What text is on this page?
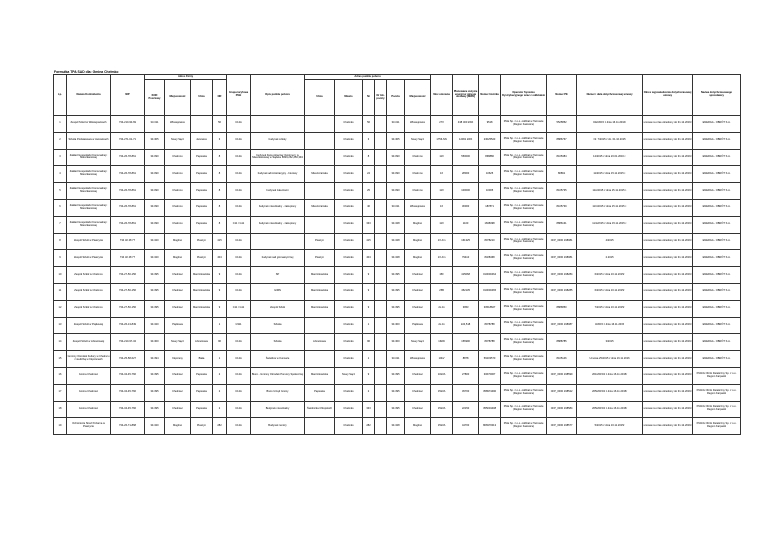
Formułka TPA SAD dla: Gmina Chełmko
Lp.	Nazwa Kontrahenta	NIP	Adres Firmy				Grupa taryfowa PGE	Opis punktu poboru	Adres punktu poboru						Moc umowna	Planowane zużycie energii w okresie dostawy [MWh]	Numer licznika	Operator Systemu Dystrybucyjnego wraz z oddziałem	Numer PE	Numer i data dotychczasowej umowy	Okres wypowiedzenia dotychczasowej umowy	Nazwa dotychczasowego sprzedawcy
			KOD Pocztowy	Miejscowość	Ulica	NR			Ulica	Miasto	Nr	Nr lok. poczty	Poczta	Miejscowość								
1	Zespół Szkół w Włosiejowicach	734-210-90-69	33-311	Włosiejowice		56	C12A			Chełmko	56		33-311	Włosiejowice	27X	438 460 kWh	9518	PGE Sp. z o.o. oddział w Tarnowie (Region Katowice)	5525852	022/2015 z dnia 16.11.2016r	umowa na czas określony do 31.12.2016r	ENERGA - OBRÓT S.A.
2	Szkoła Podstawowa w Janowicach	734-271-61-71	33-305	Nowy Sącz	Janowice	3	C12A	budynek szkoły		Chełmko	3		33-305	Nowy Sącz	1756-NN	12061 kWh	23025523	PGE Sp. z o.o. oddział w Tarnowie (Region Katowice)	8886767	Nr. 7/2015 z dn. 01.10.2015	umowa na czas określony do 31.12.2016r	ENERGA - OBRÓT S.A.
3	Zakład Gospodarki Komunalnej i Mieszkaniowej	734-26-78-861	33-090	Chełmno	Papieska	8	C12A	budynek biura płowców (Gminne) i w Mieszkaniowej w Sądeku 8629,262,250,394		Chełmko	8		33-090	Chełmno	11X	550000	868880	PGE Sp. z o.o. oddział w Tarnowie (Region Katowice)	8105384	12/2015 z dnia 23.01.2016 r.	umowa na czas określony do 31.12.2016r	ENERGA - OBRÓT S.A.
4	Zakład Gospodarki Komunalnej i Mieszkaniowej	734-26-78-861	33-090	Chełmno	Papieska	8	C12A	budynek administracyjny - biurowy	Mieszczańska	Chełmko	24		33-090	Chełmno	1X	28000	10625	PGE Sp. z o.o. oddział w Tarnowie (Region Katowice)	80891	11/2015 z dnia 15.11.2015 r.	umowa na czas określony do 31.12.2016r	ENERGA - OBRÓT S.A.
5	Zakład Gospodarki Komunalnej i Mieszkaniowej	734-26-78-861	33-090	Chełmno	Papieska	8	C12A	budynek zaleczarni		Chełmko	25		33-090	Chełmno	11X	100000	10005	PGE Sp. z o.o. oddział w Tarnowie (Region Katowice)	8105735	11A/2015 z dnia 15.11.2015 r.	umowa na czas określony do 31.12.2016r	ENERGA - OBRÓT S.A.
6	Zakład Gospodarki Komunalnej i Mieszkaniowej	734-26-78-861	33-090	Chełmno	Papieska	8	C12A	budynek mieszkalny - zakupiony	Mieszczańska	Chełmko	40		33-311	Włosiejowice	1X	30000	187871	PGE Sp. z o.o. oddział w Tarnowie (Region Katowice)	8105739	11C/2015 z dnia 15.11.2015 r.	umowa na czas określony do 31.12.2016r	ENERGA - OBRÓT S.A.
7	Zakład Gospodarki Komunalnej i Mieszkaniowej	734-26-78-861	33-090	Chełmno	Papieska	8	C11 / G11	budynek mieszkalny - zakupiony		Chełmko	333		33-328	Mogilno	11X	1100	1848398	PGE Sp. z o.o. oddział w Tarnowie (Region Katowice)	8886131	11/12/015 z dnia 15.11.2015 r.	umowa na czas określony do 31.12.2016r	ENERGA - OBRÓT S.A.
8	Zespół Szkół w Piaszycie	734 32 48 77	33-320	Mogilno	Piaszyn	415	C12A		Piaszyn	Chełmko	415		33-328	Mogilno	1X A/n	161325	8978210	PGE Sp. z o.o. oddział w Tarnowie (Region Katowice)	CFP_0000 198081	4/2015	umowa na czas określony do 31.12.2016r	ENERGA - OBRÓT S.A.
9	Zespół Szkół w Piaszycie	734 32 48 77	33-320	Mogilno	Piaszyn	404	C12A	budynek sali gimnastycznej	Piaszyn	Chełmko	404		33-328	Mogilno	1X A/n	79410	8328468	PGE Sp. z o.o. oddział w Tarnowie (Region Katowice)	CFP_0000 198081	2.2015	umowa na czas określony do 31.12.2016r	ENERGA - OBRÓT S.A.
10	Zespół Szkół w Chełmcu	734-27-50-156	33-395	Chełmiec	Marcinkowicka	9	C12A	SP	Marcinkowicka	Chełmko	9		33-395	Chełmiec	15F	415068	010000464	PGE Sp. z o.o. oddział w Tarnowie (Region Katowice)	CFP_0000 198284	6/2015 z dnia 16.11.2015r	umowa na czas określony do 31.12.2016r	ENERGA - OBRÓT S.A.
11	Zespół Szkół w Chełmcu	734-27-50-156	33-395	Chełmiec	Marcinkowicka	9	C12A	GIMN	Marcinkowicka	Chełmko	9		33-395	Chełmiec	25B	452135	010000465	PGE Sp. z o.o. oddział w Tarnowie (Region Katowice)	CFP_0000 198285	6/2015 z dnia 16.11.2015r	umowa na czas określony do 31.12.2016r	ENERGA - OBRÓT S.A.
12	Zespół Szkół w Chełmcu	734-27-50-156	33-395	Chełmiec	Marcinkowicka	9	C11 / G11	Zespół Szkół	Marcinkowicka	Chełmko	9		33-395	Chełmiec	do 11	3953	30518827	PGE Sp. z o.o. oddział w Tarnowie (Region Katowice)	8886850	7/2015 z dnia 16.11.2015r	umowa na czas określony do 31.12.2016r	ENERGA - OBRÓT S.A.
13	Zespół Szkół w Piątkowej	734-26-13-849	33-320	Piątkowa		1	GW1	Szkoła		Chełmko	1		33-300	Piątkowa	do 11	224,518	8978788	PGE Sp. z o.o. oddział w Tarnowie (Region Katowice)	CFP_0000 198087	3/2015 z dnia 16.11.2015	umowa na czas określony do 31.12.2016r	ENERGA - OBRÓT S.A.
14	Zespół Szkół w Librantowej	734-210-97-34	33-300	Nowy Sącz	Librantowa	96	C12A	Szkoła	Librantowa	Chełmko	96		33-300	Nowy Sącz	16kW	156990	8978788	PGE Sp. z o.o. oddział w Tarnowie (Region Katowice)	8888785	3/2015	umowa na czas określony do 31.12.2016r	ENERGA - OBRÓT S.A.
15	Gminny Ośrodek Kultury w Chełmcu z siedzibą w Klęczanach	734-25-58-627	33-394	Klęczany	Biała	1	C12A	Świetlica w Kunowie		Chełmko	1		33-311	Włosiejowice	10kV	8878	56203570	PGE Sp. z o.o. oddział w Tarnowie (Region Katowice)	8105146	Umowa 25/2015 z dnia 16.11.2016	umowa na czas określony do 31.12.2016r	ENERGA - OBRÓT S.A.
16	Gmina Chełmiec	734-34-45-766	33-395	Chełmiec	Papieska	2	C12A	Biuro - Gminny Ośrodek Pomocy Społecznej	Marcinkowicka	Nowy Sącz	9		33-395	Chełmiec	10kVA	27800	30670967	PGE Sp. z o.o. oddział w Tarnowie (Region Katowice)	CFP_0000 198599	261/2015/2 z dnia 16.11.2015r	umowa na czas określony do 31.12.2016r	PGNiG Obrót Detaliczny Sp. z o.o. Region Karpacki
17	Gmina Chełmiec	734-34-45-766	33-395	Chełmiec	Papieska	2	C12A	Biuro Urzęd Gminy	Papieska	Chełmko	2		33-395	Chełmiec	15kVA	45700	358974490	PGE Sp. z o.o. oddział w Tarnowie (Region Katowice)	CFP_0000 198522	265/2015/2 z dnia 16.11.2015r	umowa na czas określony do 31.12.2016r	PGNiG Obrót Detaliczny Sp. z o.o. Region Karpacki
18	Gmina Chełmiec	734-34-45-766	33-395	Chełmiec	Papieska	2	C12A	Budynek mieszkalny	Świdnicka Chłopskich	Chełmko	333		33-395	Chełmiec	15kVA	22150	355004408	PGE Sp. z o.o. oddział w Tarnowie (Region Katowice)	CFP_0000 198584	265/2015/2 z dnia 16.11.2015r	umowa na czas określony do 31.12.2016r	PGNiG Obrót Detaliczny Sp. z o.o. Region Karpacki
19	Ochotnicza Straż Pożarna w Piaszycie	734-26-71-868	33-320	Mogilno	Piaszyn	282	C12A	Budynek remizy		Chełmko	282		33-328	Mogilno	15kVA	44700	806970013	PGE Sp. z o.o. oddział w Tarnowie (Region Katowice)	CFP_0000 198577	5/2015 z dnia 16.11.2015r	umowa na czas określony do 31.12.2016r	PGNiG Obrót Detaliczny Sp. z o.o. Region Karpacki
